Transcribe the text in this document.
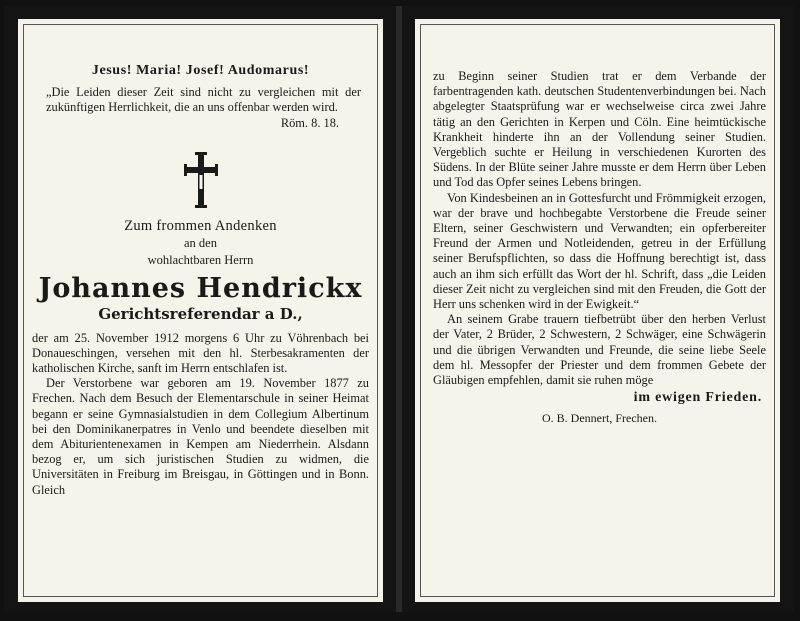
Jesus! Maria! Josef! Audomarus!
„Die Leiden dieser Zeit sind nicht zu vergleichen mit der zukünftigen Herrlichkeit, die an uns offenbar werden wird.
Röm. 8. 18.
Zum frommen Andenken
an den
wohlachtbaren Herrn
Johannes Hendrickx
Gerichtsreferendar a D.,
der am 25. November 1912 morgens 6 Uhr zu Vöhrenbach bei Donaueschingen, versehen mit den hl. Sterbesakramenten der katholischen Kirche, sanft im Herrn entschlafen ist.
Der Verstorbene war geboren am 19. November 1877 zu Frechen. Nach dem Besuch der Elementarschule in seiner Heimat begann er seine Gymnasialstudien in dem Collegium Albertinum bei den Dominikanerpatres in Venlo und beendete dieselben mit dem Abiturientenexamen in Kempen am Niederrhein. Alsdann bezog er, um sich juristischen Studien zu widmen, die Universitäten in Freiburg im Breisgau, in Göttingen und in Bonn. Gleich
zu Beginn seiner Studien trat er dem Verbande der farbentragenden kath. deutschen Studentenverbindungen bei. Nach abgelegter Staatsprüfung war er wechselweise circa zwei Jahre tätig an den Gerichten in Kerpen und Cöln. Eine heimtückische Krankheit hinderte ihn an der Vollendung seiner Studien. Vergeblich suchte er Heilung in verschiedenen Kurorten des Südens. In der Blüte seiner Jahre musste er dem Herrn über Leben und Tod das Opfer seines Lebens bringen.
Von Kindesbeinen an in Gottesfurcht und Frömmigkeit erzogen, war der brave und hochbegabte Verstorbene die Freude seiner Eltern, seiner Geschwistern und Verwandten; ein opferbereiter Freund der Armen und Notleidenden, getreu in der Erfüllung seiner Berufspflichten, so dass die Hoffnung berechtigt ist, dass auch an ihm sich erfüllt das Wort der hl. Schrift, dass „die Leiden dieser Zeit nicht zu vergleichen sind mit den Freuden, die Gott der Herr uns schenken wird in der Ewigkeit.“
An seinem Grabe trauern tiefbetrübt über den herben Verlust der Vater, 2 Brüder, 2 Schwestern, 2 Schwäger, eine Schwägerin und die übrigen Verwandten und Freunde, die seine liebe Seele dem hl. Messopfer der Priester und dem frommen Gebete der Gläubigen empfehlen, damit sie ruhen möge
im ewigen Frieden.
O. B. Dennert, Frechen.
